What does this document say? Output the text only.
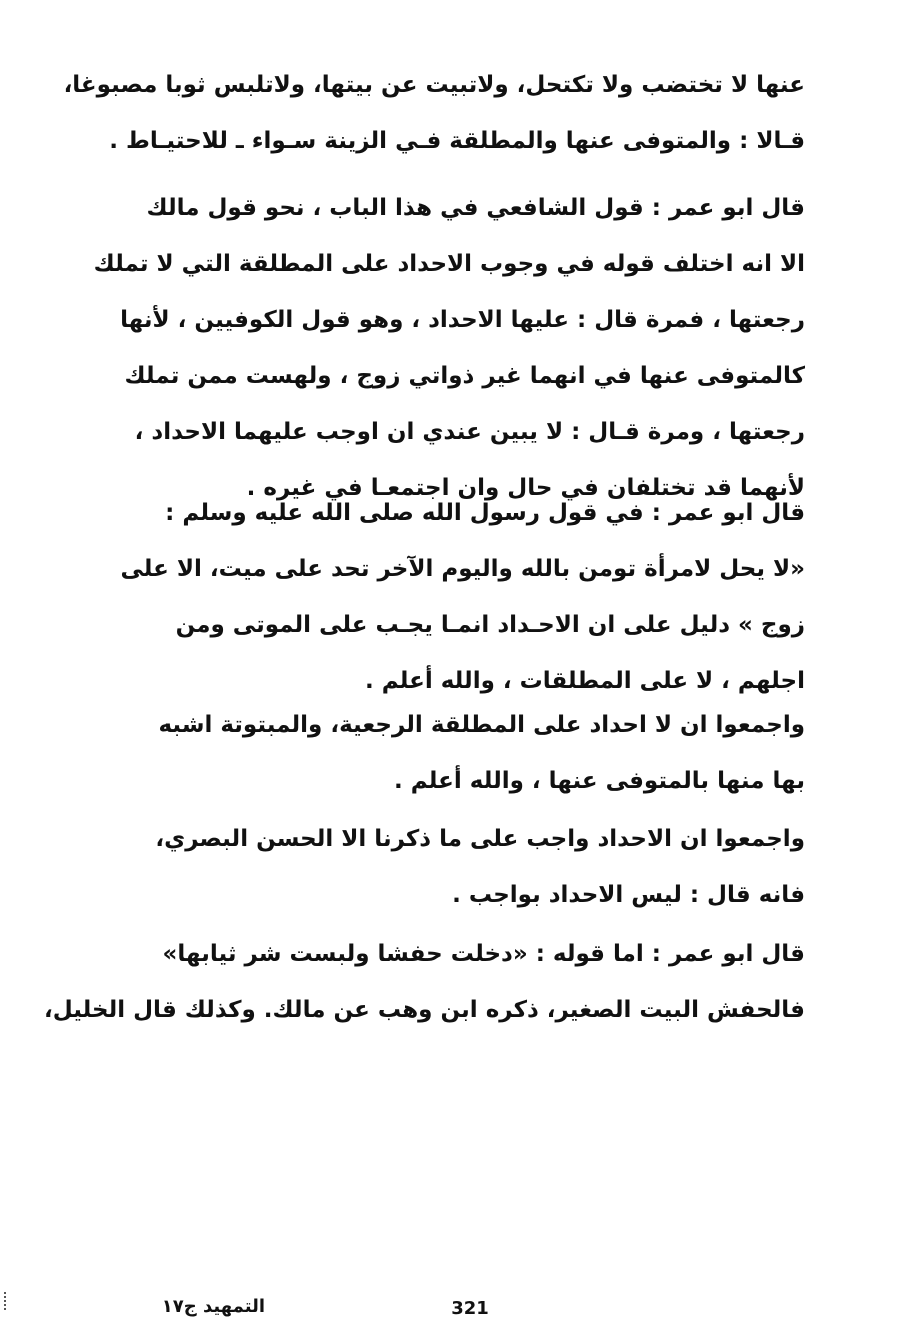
عنها لا تختضب ولا تكتحل، ولاتبيت عن بيتها، ولاتلبس ثوبا مصبوغا،
قـالا : والمتوفى عنها والمطلقة فـي الزينة سـواء ـ للاحتيـاط .
قال ابو عمر : قول الشافعي في هذا الباب ، نحو قول مالك
الا انه اختلف قوله في وجوب الاحداد على المطلقة التي لا تملك
رجعتها ، فمرة قال : عليها الاحداد ، وهو قول الكوفيين ، لأنها
كالمتوفى عنها في انهما غير ذواتي زوج ، ولهست ممن تملك
رجعتها ، ومرة قـال : لا يبين عندي ان اوجب عليهما الاحداد ،
لأنهما قد تختلفان في حال وان اجتمعـا في غيره .
قال ابو عمر : في قول رسول الله صلى الله عليه وسلم :
«لا يحل لامرأة تومن بالله واليوم الآخر تحد على ميت، الا على
زوج » دليل على ان الاحـداد انمـا يجـب على الموتى ومن
اجلهم ، لا على المطلقات ، والله أعلم .
واجمعوا ان لا احداد على المطلقة الرجعية، والمبتوتة اشبه
بها منها بالمتوفى عنها ، والله أعلم .
واجمعوا ان الاحداد واجب على ما ذكرنا الا الحسن البصري،
فانه قال : ليس الاحداد بواجب .
قال ابو عمر : اما قوله : «دخلت حفشا ولبست شر ثيابها»
فالحفش البيت الصغير، ذكره ابن وهب عن مالك. وكذلك قال الخليل،
321
التمهيد ج١٧
